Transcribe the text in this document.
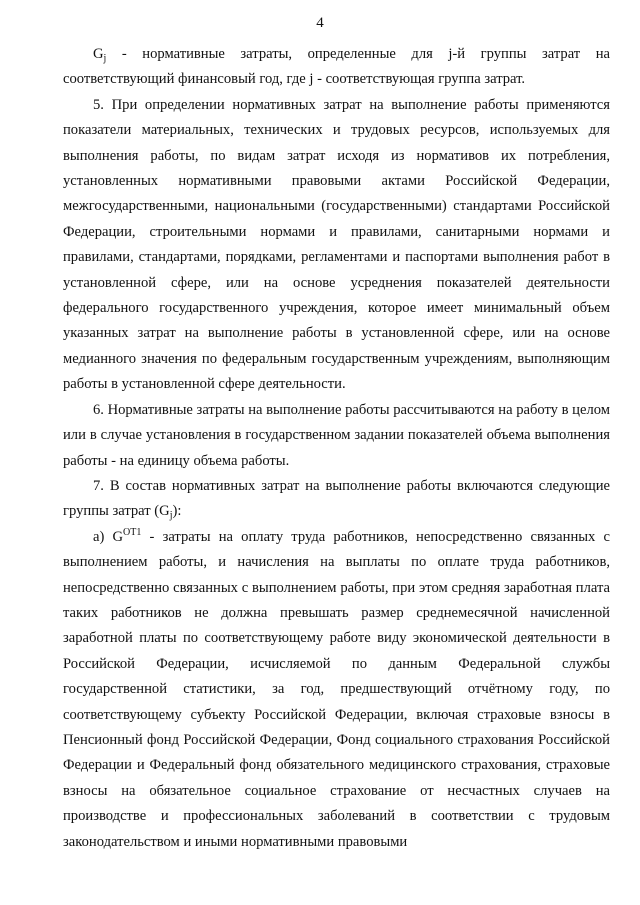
4

$G_j$ - нормативные затраты, определенные для j-й группы затрат на соответствующий финансовый год, где j - соответствующая группа затрат.

5. При определении нормативных затрат на выполнение работы применяются показатели материальных, технических и трудовых ресурсов, используемых для выполнения работы, по видам затрат исходя из нормативов их потребления, установленных нормативными правовыми актами Российской Федерации, межгосударственными, национальными (государственными) стандартами Российской Федерации, строительными нормами и правилами, санитарными нормами и правилами, стандартами, порядками, регламентами и паспортами выполнения работ в установленной сфере, или на основе усреднения показателей деятельности федерального государственного учреждения, которое имеет минимальный объем указанных затрат на выполнение работы в установленной сфере, или на основе медианного значения по федеральным государственным учреждениям, выполняющим работы в установленной сфере деятельности.

6. Нормативные затраты на выполнение работы рассчитываются на работу в целом или в случае установления в государственном задании показателей объема выполнения работы - на единицу объема работы.

7. В состав нормативных затрат на выполнение работы включаются следующие группы затрат $(G_j)$:

а) $G^{ОТ1}$ - затраты на оплату труда работников, непосредственно связанных с выполнением работы, и начисления на выплаты по оплате труда работников, непосредственно связанных с выполнением работы, при этом средняя заработная плата таких работников не должна превышать размер среднемесячной начисленной заработной платы по соответствующему работе виду экономической деятельности в Российской Федерации, исчисляемой по данным Федеральной службы государственной статистики, за год, предшествующий отчётному году, по соответствующему субъекту Российской Федерации, включая страховые взносы в Пенсионный фонд Российской Федерации, Фонд социального страхования Российской Федерации и Федеральный фонд обязательного медицинского страхования, страховые взносы на обязательное социальное страхование от несчастных случаев на производстве и профессиональных заболеваний в соответствии с трудовым законодательством и иными нормативными правовыми
